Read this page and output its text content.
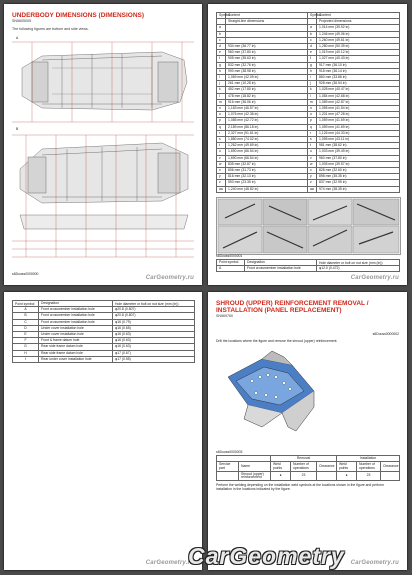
UNDERBODY DIMENSIONS (DIMENSIONS)

SN5605005
The following figures are bottom and side views.
A
B
s6Douss0000000
CarGeometry.ru
Symbol	Content	Symbol	Content
	Straight-line dimensions		Projected dimensions
a		a	1,014 mm (39.92 in)
b		b	1,246 mm (49.06 in)
c		c	1,260 mm (49.61 in)
d	934 mm (36.77 in)	d	1,280 mm (50.39 in)
e	960 mm (37.80 in)	e	1,019 mm (40.12 in)
f	905 mm (35.63 in)	f	1,027 mm (40.43 in)
g	832 mm (32.76 in)	g	917 mm (36.10 in)
h	990 mm (38.98 in)	h	918 mm (36.14 in)
i	1,069 mm (42.09 in)	i	860 mm (33.86 in)
j	261 mm (10.28 in)	j	928 mm (36.54 in)
k	452 mm (17.80 in)	k	1,028 mm (40.47 in)
l	478 mm (18.82 in)	l	1,084 mm (42.68 in)
m	916 mm (36.06 in)	m	1,089 mm (42.87 in)
n	1,183 mm (46.57 in)	n	1,055 mm (41.54 in)
o	1,076 mm (42.36 in)	o	1,201 mm (47.28 in)
p	1,085 mm (42.72 in)	p	1,059 mm (41.69 in)
q	2,189 mm (86.18 in)	q	1,059 mm (41.69 in)
r	2,327 mm (91.61 in)	r	1,126 mm (44.33 in)
s	1,880 mm (74.02 in)	s	1,095 mm (43.11 in)
t	1,262 mm (49.69 in)	t	981 mm (38.62 in)
u	1,690 mm (66.54 in)	u	1,003 mm (39.49 in)
v	1,690 mm (66.54 in)	v	960 mm (37.80 in)
w	835 mm (32.87 in)	w	1,005 mm (39.57 in)
x	806 mm (31.73 in)	x	828 mm (32.60 in)
y	816 mm (32.13 in)	y	898 mm (35.35 in)
z	593 mm (23.35 in)	z	837 mm (32.95 in)
aa	1,240 mm (48.82 in)	aa	974 mm (38.35 in)
s6Douss0000001
Point symbol	Designation	Hole diameter or bolt on nut size (mm (in))
A	Front crossmember installation hole	φ12.0 (0.472)
CarGeometry.ru
Point symbol	Designation	Hole diameter or bolt on nut size (mm (in))
A	Front crossmember installation hole	φ20.8 (0.807)
B	Front crossmember installation hole	φ20.8 (0.807)
C	Front crossmember installation hole	φ16 (0.79)
D	Under cover installation hole	φ16 (0.65)
E	Under cover installation hole	φ16 (0.63)
F	Front & frame datum hole	φ16 (0.63)
G	Rear side frame datum hole	φ16 (0.63)
H	Rear side frame datum hole	φ17 (0.67)
I	Rear under cover installation hole	φ17 (0.55)
CarGeometry.ru

SHROUD (UPPER) REINFORCEMENT REMOVAL / INSTALLATION (PANEL REPLACEMENT)

SN569760
s6Douss0000002
Drill the locations where the figure and remove the shroud (upper) reinforcement.
s6Douss0000003
		Removal			Installation		
Service part	Name	Weld points	Number of operations	Clearance	Weld points	Number of operations	Clearance
	Shroud (upper) reinforcement	●	23		●	23	
Perform the welding depending on the installation weld symbols at the locations shown in the figure and perform installation in the locations indicated by the figure.
CarGeometry.ru
CarGeometry
